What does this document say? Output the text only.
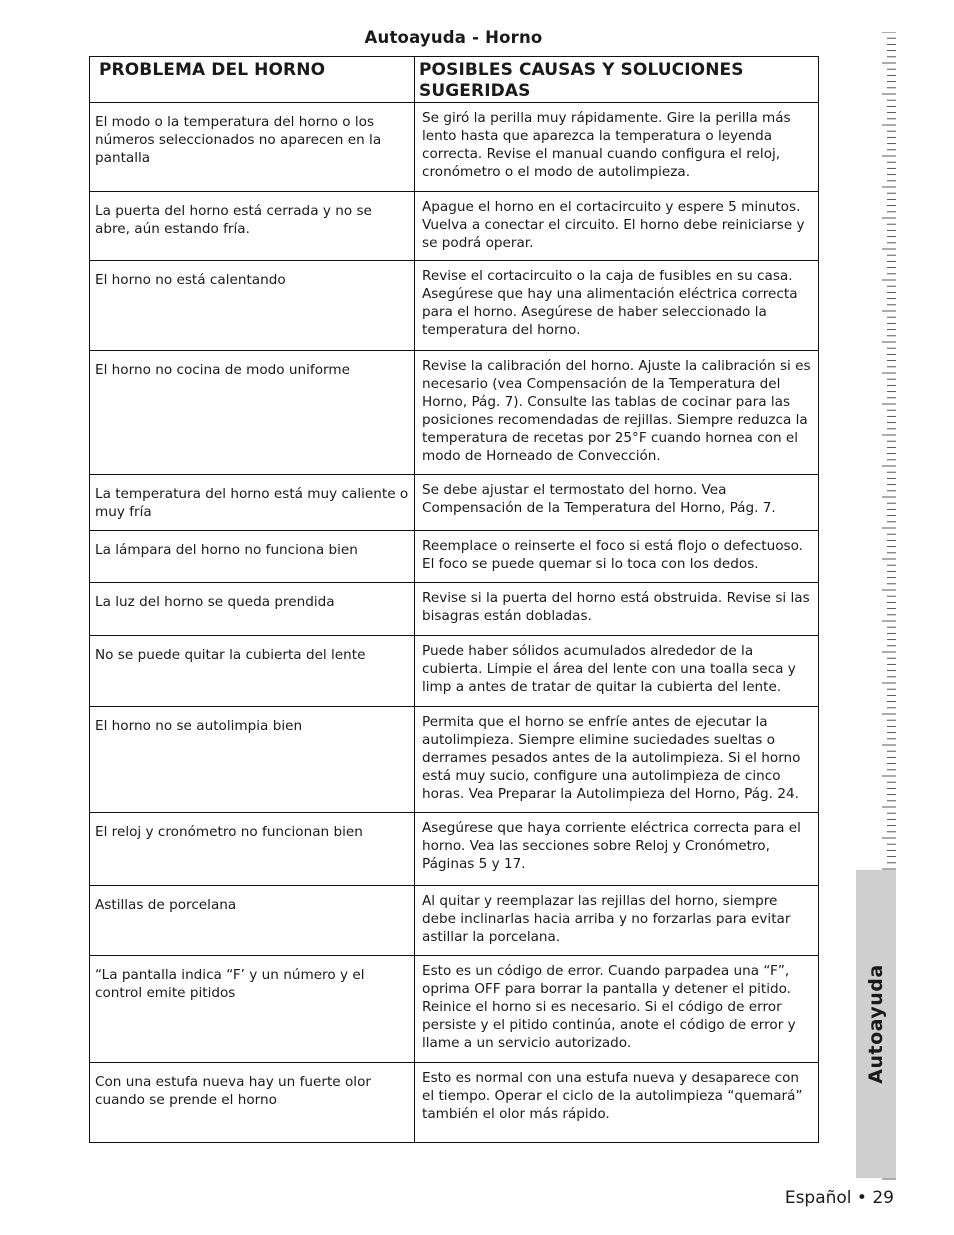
Autoayuda - Horno
PROBLEMA DEL HORNO	POSIBLES CAUSAS Y SOLUCIONES SUGERIDAS
El modo o la temperatura del horno o los números seleccionados no aparecen en la pantalla	Se giró la perilla muy rápidamente. Gire la perilla más lento hasta que aparezca la temperatura o leyenda correcta. Revise el manual cuando configura el reloj, cronómetro o el modo de autolimpieza.
La puerta del horno está cerrada y no se abre, aún estando fría.	Apague el horno en el cortacircuito y espere 5 minutos. Vuelva a conectar el circuito. El horno debe reiniciarse y se podrá operar.
El horno no está calentando	Revise el cortacircuito o la caja de fusibles en su casa. Asegúrese que hay una alimentación eléctrica correcta para el horno. Asegúrese de haber seleccionado la temperatura del horno.
El horno no cocina de modo uniforme	Revise la calibración del horno. Ajuste la calibración si es necesario (vea Compensación de la Temperatura del Horno, Pág. 7). Consulte las tablas de cocinar para las posiciones recomendadas de rejillas. Siempre reduzca la temperatura de recetas por 25°F cuando hornea con el modo de Horneado de Convección.
La temperatura del horno está muy caliente o muy fría	Se debe ajustar el termostato del horno. Vea Compensación de la Temperatura del Horno, Pág. 7.
La lámpara del horno no funciona bien	Reemplace o reinserte el foco si está flojo o defectuoso. El foco se puede quemar si lo toca con los dedos.
La luz del horno se queda prendida	Revise si la puerta del horno está obstruida. Revise si las bisagras están dobladas.
No se puede quitar la cubierta del lente	Puede haber sólidos acumulados alrededor de la cubierta. Limpie el área del lente con una toalla seca y limp a antes de tratar de quitar la cubierta del lente.
El horno no se autolimpia bien	Permita que el horno se enfríe antes de ejecutar la autolimpieza. Siempre elimine suciedades sueltas o derrames pesados antes de la autolimpieza. Si el horno está muy sucio, configure una autolimpieza de cinco horas. Vea Preparar la Autolimpieza del Horno, Pág. 24.
El reloj y cronómetro no funcionan bien	Asegúrese que haya corriente eléctrica correcta para el horno. Vea las secciones sobre Reloj y Cronómetro, Páginas 5 y 17.
Astillas de porcelana	Al quitar y reemplazar las rejillas del horno, siempre debe inclinarlas hacia arriba y no forzarlas para evitar astillar la porcelana.
“La pantalla indica “F’ y un número y el control emite pitidos	Esto es un código de error. Cuando parpadea una “F”, oprima OFF para borrar la pantalla y detener el pitido. Reinice el horno si es necesario. Si el código de error persiste y el pitido continúa, anote el código de error y llame a un servicio autorizado.
Con una estufa nueva hay un fuerte olor cuando se prende el horno	Esto es normal con una estufa nueva y desaparece con el tiempo. Operar el ciclo de la autolimpieza “quemará” también el olor más rápido.
Autoayuda
Español • 29
